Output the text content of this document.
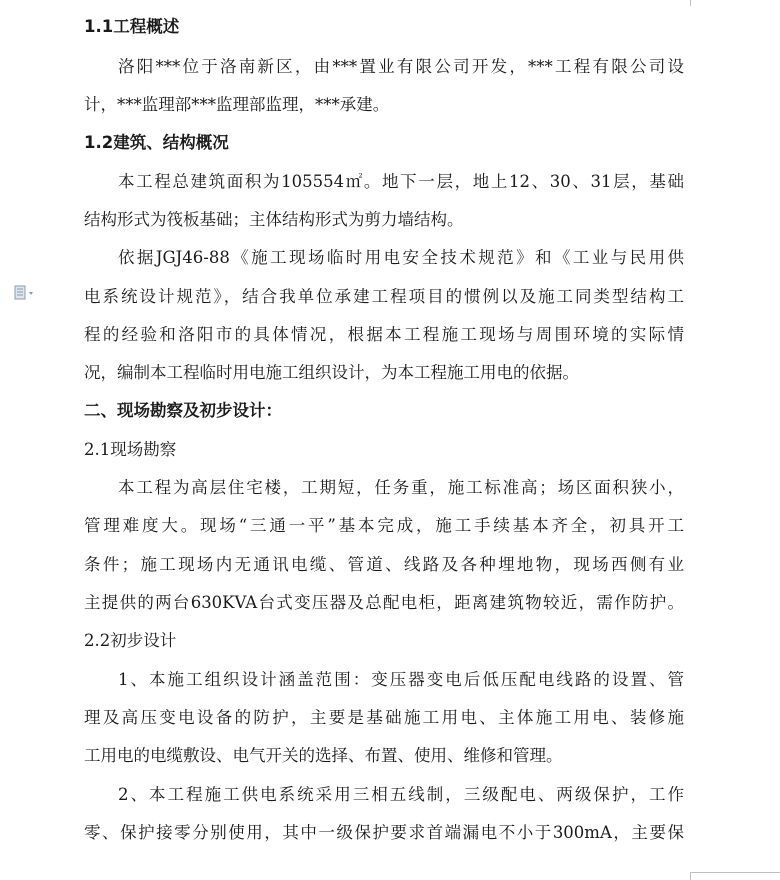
1.1工程概述
洛阳***位于洛南新区，由***置业有限公司开发，***工程有限公司设
计，***监理部***监理部监理，***承建。
1.2建筑、结构概况
本工程总建筑面积为105554㎡。地下一层，地上12、30、31层，基础
结构形式为筏板基础；主体结构形式为剪力墙结构。
依据JGJ46-88《施工现场临时用电安全技术规范》和《工业与民用供
电系统设计规范》，结合我单位承建工程项目的惯例以及施工同类型结构工
程的经验和洛阳市的具体情况，根据本工程施工现场与周围环境的实际情
况，编制本工程临时用电施工组织设计，为本工程施工用电的依据。
二、现场勘察及初步设计：
2.1现场勘察
本工程为高层住宅楼，工期短，任务重，施工标准高；场区面积狭小，
管理难度大。现场“三通一平”基本完成，施工手续基本齐全，初具开工
条件；施工现场内无通讯电缆、管道、线路及各种埋地物，现场西侧有业
主提供的两台630KVA台式变压器及总配电柜，距离建筑物较近，需作防护。
2.2初步设计
1、本施工组织设计涵盖范围：变压器变电后低压配电线路的设置、管
理及高压变电设备的防护，主要是基础施工用电、主体施工用电、装修施
工用电的电缆敷设、电气开关的选择、布置、使用、维修和管理。
2、本工程施工供电系统采用三相五线制，三级配电、两级保护，工作
零、保护接零分别使用，其中一级保护要求首端漏电不小于300mA，主要保
